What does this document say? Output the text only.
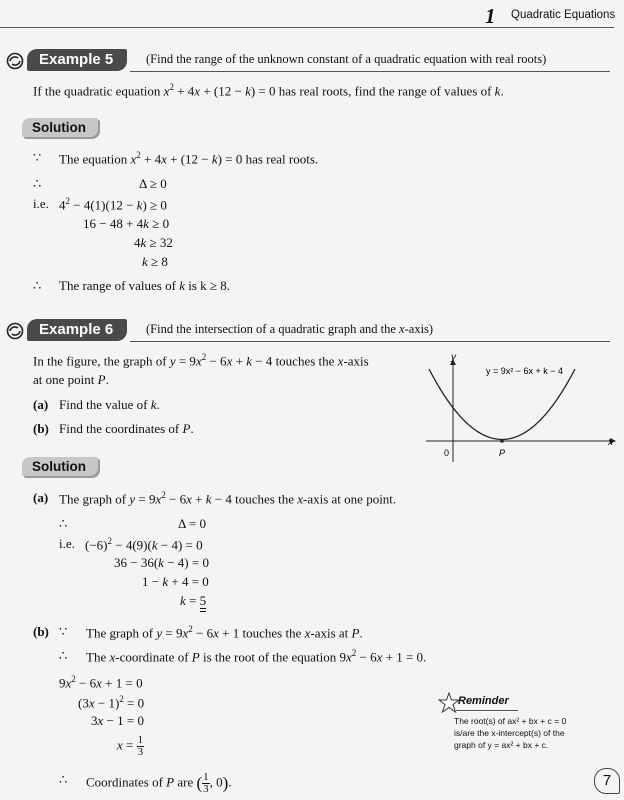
1 Quadratic Equations
Example 5	(Find the range of the unknown constant of a quadratic equation with real roots)
If the quadratic equation $x^2 + 4x + (12 - k) = 0$ has real roots, find the range of values of k.
Solution
∵ The equation $x^2 + 4x + (12 - k) = 0$ has real roots.
∴	Δ ≥ 0
i.e. $4^2 - 4(1)(12 - k) \ge 0$
16 − 48 + 4k ≥ 0
4k ≥ 32
k ≥ 8
∴ The range of values of k is k ≥ 8.
Example 6	(Find the intersection of a quadratic graph and the x-axis)
In the figure, the graph of $y = 9x^2 - 6x + k - 4$ touches the x-axis
at one point P.
(a) Find the value of k.
(b) Find the coordinates of P.
y
x
0	P
y = 9x² − 6x + k − 4
Solution
(a) The graph of $y = 9x^2 - 6x + k - 4$ touches the x-axis at one point.
∴	Δ = 0
i.e. $(-6)^2 - 4(9)(k - 4) = 0$
36 − 36(k − 4) = 0
1 − k + 4 = 0
k = 5
(b) ∵ The graph of $y = 9x^2 - 6x + 1$ touches the x-axis at P.
∴ The x-coordinate of P is the root of the equation $9x^2 - 6x + 1 = 0$.
$9x^2 - 6x + 1 = 0$
$(3x - 1)^2 = 0$
3x − 1 = 0
$x = \frac{1}{3}$
∴ Coordinates of P are ( $\frac{1}{3}$ , 0).
Reminder
The root(s) of ax² + bx + c = 0
is/are the x-intercept(s) of the
graph of y = ax² + bx + c.
7
